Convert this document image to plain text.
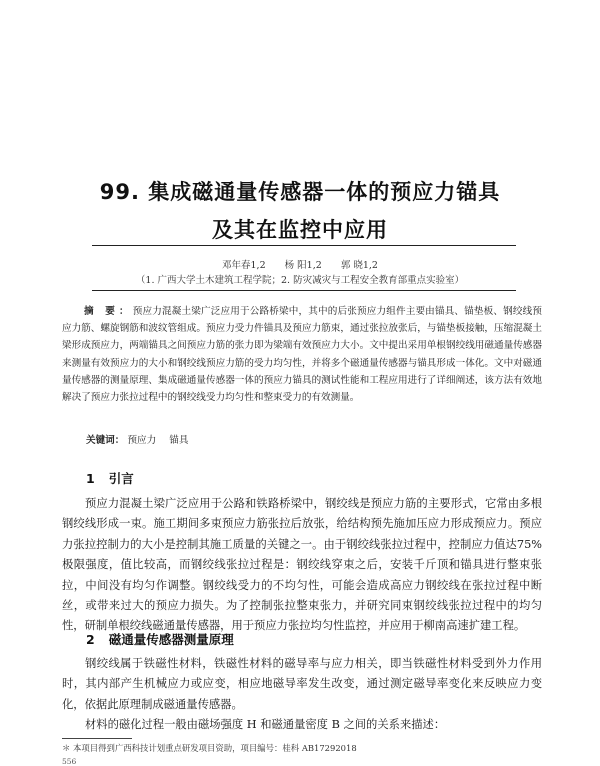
99. 集成磁通量传感器一体的预应力锚具
及其在监控中应用
邓年春1,2 杨 阳1,2 郭 晓1,2
（1. 广西大学土木建筑工程学院；2. 防灾减灾与工程安全教育部重点实验室）
摘 要：预应力混凝土梁广泛应用于公路桥梁中，其中的后张预应力组件主要由锚具、锚垫板、钢绞线预应力筋、螺旋钢筋和波纹管组成。预应力受力件锚具及预应力筋束，通过张拉放张后，与锚垫板接触，压缩混凝土梁形成预应力，两端锚具之间预应力筋的张力即为梁端有效预应力大小。文中提出采用单根钢绞线用磁通量传感器来测量有效预应力的大小和钢绞线预应力筋的受力均匀性，并将多个磁通量传感器与锚具形成一体化。文中对磁通量传感器的测量原理、集成磁通量传感器一体的预应力锚具的测试性能和工程应用进行了详细阐述，该方法有效地解决了预应力张拉过程中的钢绞线受力均匀性和整束受力的有效测量。
关键词： 预应力 锚具
1 引言
预应力混凝土梁广泛应用于公路和铁路桥梁中，钢绞线是预应力筋的主要形式，它常由多根钢绞线形成一束。施工期间多束预应力筋张拉后放张，给结构预先施加压应力形成预应力。预应力张拉控制力的大小是控制其施工质量的关键之一。由于钢绞线张拉过程中，控制应力值达75%极限强度，值比较高，而钢绞线张拉过程是：钢绞线穿束之后，安装千斤顶和锚具进行整束张拉，中间没有均匀作调整。钢绞线受力的不均匀性，可能会造成高应力钢绞线在张拉过程中断丝，或带来过大的预应力损失。为了控制张拉整束张力，并研究同束钢绞线张拉过程中的均匀性，研制单根绞线磁通量传感器，用于预应力张拉均匀性监控，并应用于柳南高速扩建工程。
2 磁通量传感器测量原理
钢绞线属于铁磁性材料，铁磁性材料的磁导率与应力相关，即当铁磁性材料受到外力作用时，其内部产生机械应力或应变，相应地磁导率发生改变，通过测定磁导率变化来反映应力变化，依据此原理制成磁通量传感器。
材料的磁化过程一般由磁场强度 H 和磁通量密度 B 之间的关系来描述：
＊ 本项目得到广西科技计划重点研发项目资助，项目编号：桂科 AB17292018
556
